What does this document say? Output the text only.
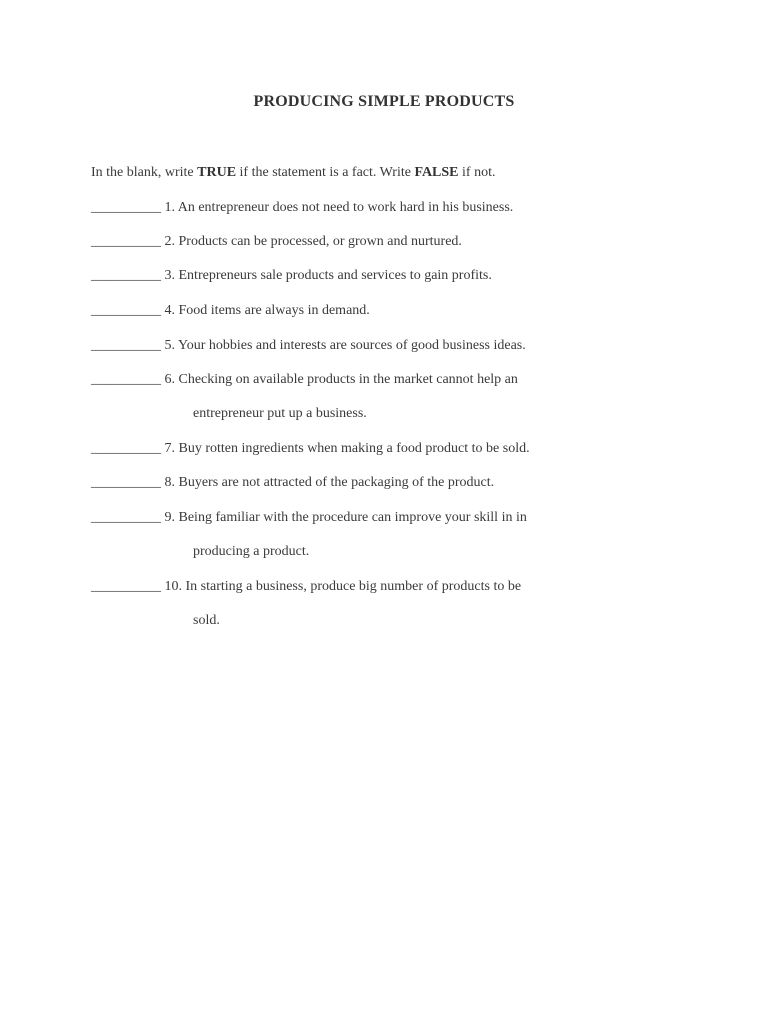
PRODUCING SIMPLE PRODUCTS
In the blank, write TRUE if the statement is a fact. Write FALSE if not.
__________ 1. An entrepreneur does not need to work hard in his business.
__________ 2. Products can be processed, or grown and nurtured.
__________ 3. Entrepreneurs sale products and services to gain profits.
__________ 4. Food items are always in demand.
__________ 5. Your hobbies and interests are sources of good business ideas.
__________ 6. Checking on available products in the market cannot help an
entrepreneur put up a business.
__________ 7. Buy rotten ingredients when making a food product to be sold.
__________ 8. Buyers are not attracted of the packaging of the product.
__________ 9. Being familiar with the procedure can improve your skill in in
producing a product.
__________ 10. In starting a business, produce big number of products to be
sold.
